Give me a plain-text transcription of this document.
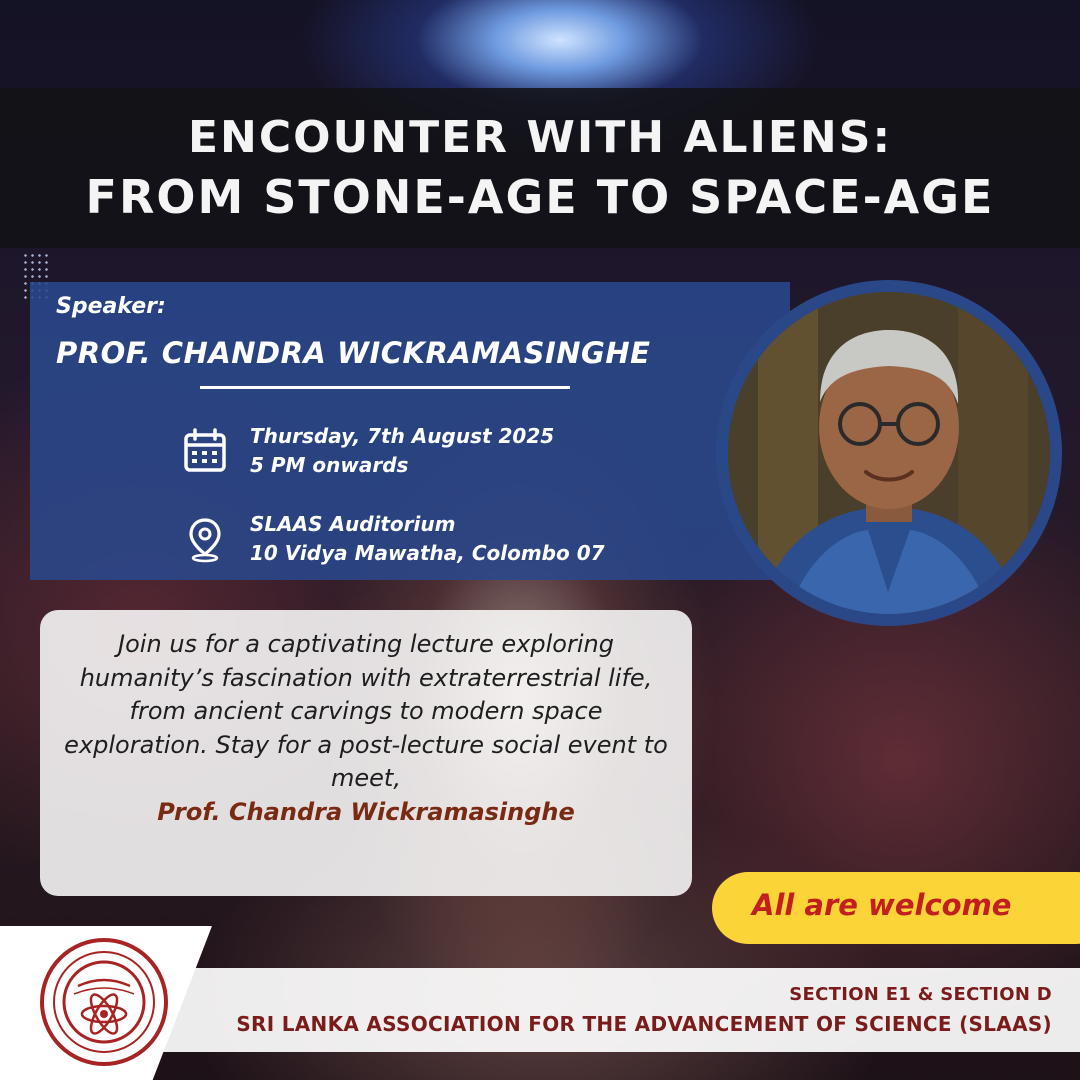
ENCOUNTER WITH ALIENS:
FROM STONE-AGE TO SPACE-AGE
Speaker:
PROF. CHANDRA WICKRAMASINGHE
Thursday, 7th August 2025
5 PM onwards
SLAAS Auditorium
10 Vidya Mawatha, Colombo 07
Join us for a captivating lecture exploring humanity’s fascination with extraterrestrial life, from ancient carvings to modern space exploration. Stay for a post-lecture social event to meet,
Prof. Chandra Wickramasinghe
All are welcome
SECTION E1 & SECTION D
SRI LANKA ASSOCIATION FOR THE ADVANCEMENT OF SCIENCE (SLAAS)
